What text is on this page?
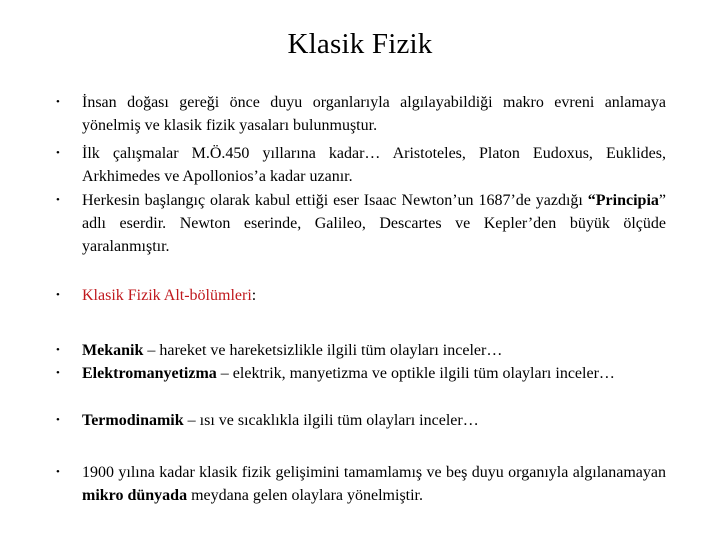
Klasik Fizik
• İnsan doğası gereği önce duyu organlarıyla algılayabildiği makro evreni anlamaya yönelmiş ve klasik fizik yasaları bulunmuştur.
• İlk çalışmalar M.Ö.450 yıllarına kadar… Aristoteles, Platon Eudoxus, Euklides, Arkhimedes ve Apollonios’a kadar uzanır.
• Herkesin başlangıç olarak kabul ettiği eser Isaac Newton’un 1687’de yazdığı “Principia” adlı eserdir. Newton eserinde, Galileo, Descartes ve Kepler’den büyük ölçüde yaralanmıştır.
• Klasik Fizik Alt-bölümleri:
• Mekanik – hareket ve hareketsizlikle ilgili tüm olayları inceler…
• Elektromanyetizma – elektrik, manyetizma ve optikle ilgili tüm olayları inceler…
• Termodinamik – ısı ve sıcaklıkla ilgili tüm olayları inceler…
• 1900 yılına kadar klasik fizik gelişimini tamamlamış ve beş duyu organıyla algılanamayan mikro dünyada meydana gelen olaylara yönelmiştir.
